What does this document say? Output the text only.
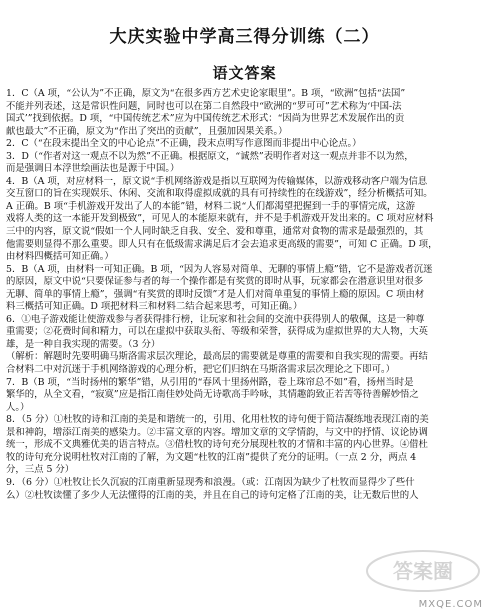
大庆实验中学高三得分训练（二）
语文答案
1．C（A 项，“公认为”不正确，原文为“在很多西方艺术史论家眼里”。B 项，“欧洲”包括“法国”
不能并列表述，这是常识性问题，同时也可以在第二自然段中“欧洲的“罗可可”艺术称为‘中国-法
国式’”找到依据。D 项，“中国传统艺术”应为中国传统艺术形式：“因尚为世界艺术发展作出的贡
献也最大”不正确，原文为“作出了突出的贡献”，且强加因果关系。）
2．C（“在段末提出全文的中心论点”不正确，段末点明写作意图而非提出中心论点。）
3．D（“作者对这一观点不以为然”不正确。根据原文，“诚然”表明作者对这一观点并非不以为然，
而是强调日本浮世绘画法也是源于中国。）
4．B（A 项，对应材料一，原文说“手机网络游戏是指以互联网为传输媒体，以游戏移动客户端为信息
交互窗口的旨在实现娱乐、休闲、交流和取得虚拟成就的具有可持续性的在线游戏”，经分析概括可知。
A 正确。B 项“手机游戏开发出了人的本能”错，材料二说“人们都渴望把握到一手的事情完成，这游
戏将人类的这一本能开发到极致”，可见人的本能原来就有，并不是手机游戏开发出来的。C 项对应材料
三中的内容，原文说“假如一个人同时缺乏自我、安全、爱和尊重，通常对食物的需求是最强烈的，其
他需要则显得不那么重要。即人只有在低级需求满足后才会去追求更高级的需要”，可知 C 正确。D 项，
由材料四概括可知正确。）
5．B（A 项，由材料一可知正确。B 项，“因为人容易对简单、无聊的事情上瘾”错，它不是游戏者沉迷
的原因，原文中说“只要保证参与者的每一个操作都是有奖赏的即时从事，玩家都会在潜意识里对很多
无聊、简单的事情上瘾”，强调“有奖赏的即时反馈”才是人们对简单重复的事情上瘾的原因。C 项由材
料三概括可知正确。D 项把材料三和材料二结合起来思考，可知正确。）
6．①电子游戏能让使游戏参与者获得排行榜，让玩家和社会间的交流中获得别人的敬佩，这是一种尊
重需要；②花费时间和精力，可以在虚拟中获取头衔、等级和荣誉，获得成为虚拟世界的大人物，大英
雄，是一种自我实现的需要。（3 分）
（解析：解题时先要明确马斯洛需求层次理论，最高层的需要就是尊重的需要和自我实现的需要。再结
合材料二中对沉迷于手机网络游戏的心理分析，把它们归纳在马斯洛需求层次理论之下即可。）
7．B（B 项，“当时扬州的繁华”错，从引用的“春风十里扬州路，卷上珠帘总不如”看，扬州当时是
繁华的，从全文看，“寂寞”应是指江南佳妙处尚无诗歌高手吟咏，其情趣韵致正若苦等待善解妙悟之
人。）
8．（5 分）①杜牧的诗和江南的美是和谐统一的，引用、化用杜牧的诗句便于简洁凝练地表现江南的美
景和神韵，增添江南美的感染力。②丰富文章的内容。增加文章的文学情韵，与文中的抒情、议论协调
统一，形成不文典雅优美的语言特点。③借杜牧的诗句充分展现杜牧的才情和丰富的内心世界。④借杜
牧的诗句充分说明杜牧对江南的了解，为文题“杜牧的江南”提供了充分的证明。（一点 2 分，两点 4
分，三点 5 分）
9．（6 分）①杜牧让长久沉寂的江南重新显现秀和浪漫。（或：江南因为缺少了杜牧而显得少了些什
么）②杜牧读懂了多少人无法懂得的江南的美，并且在自己的诗句定格了江南的美，让无数后世的人
答案圈
MXQE.COM
